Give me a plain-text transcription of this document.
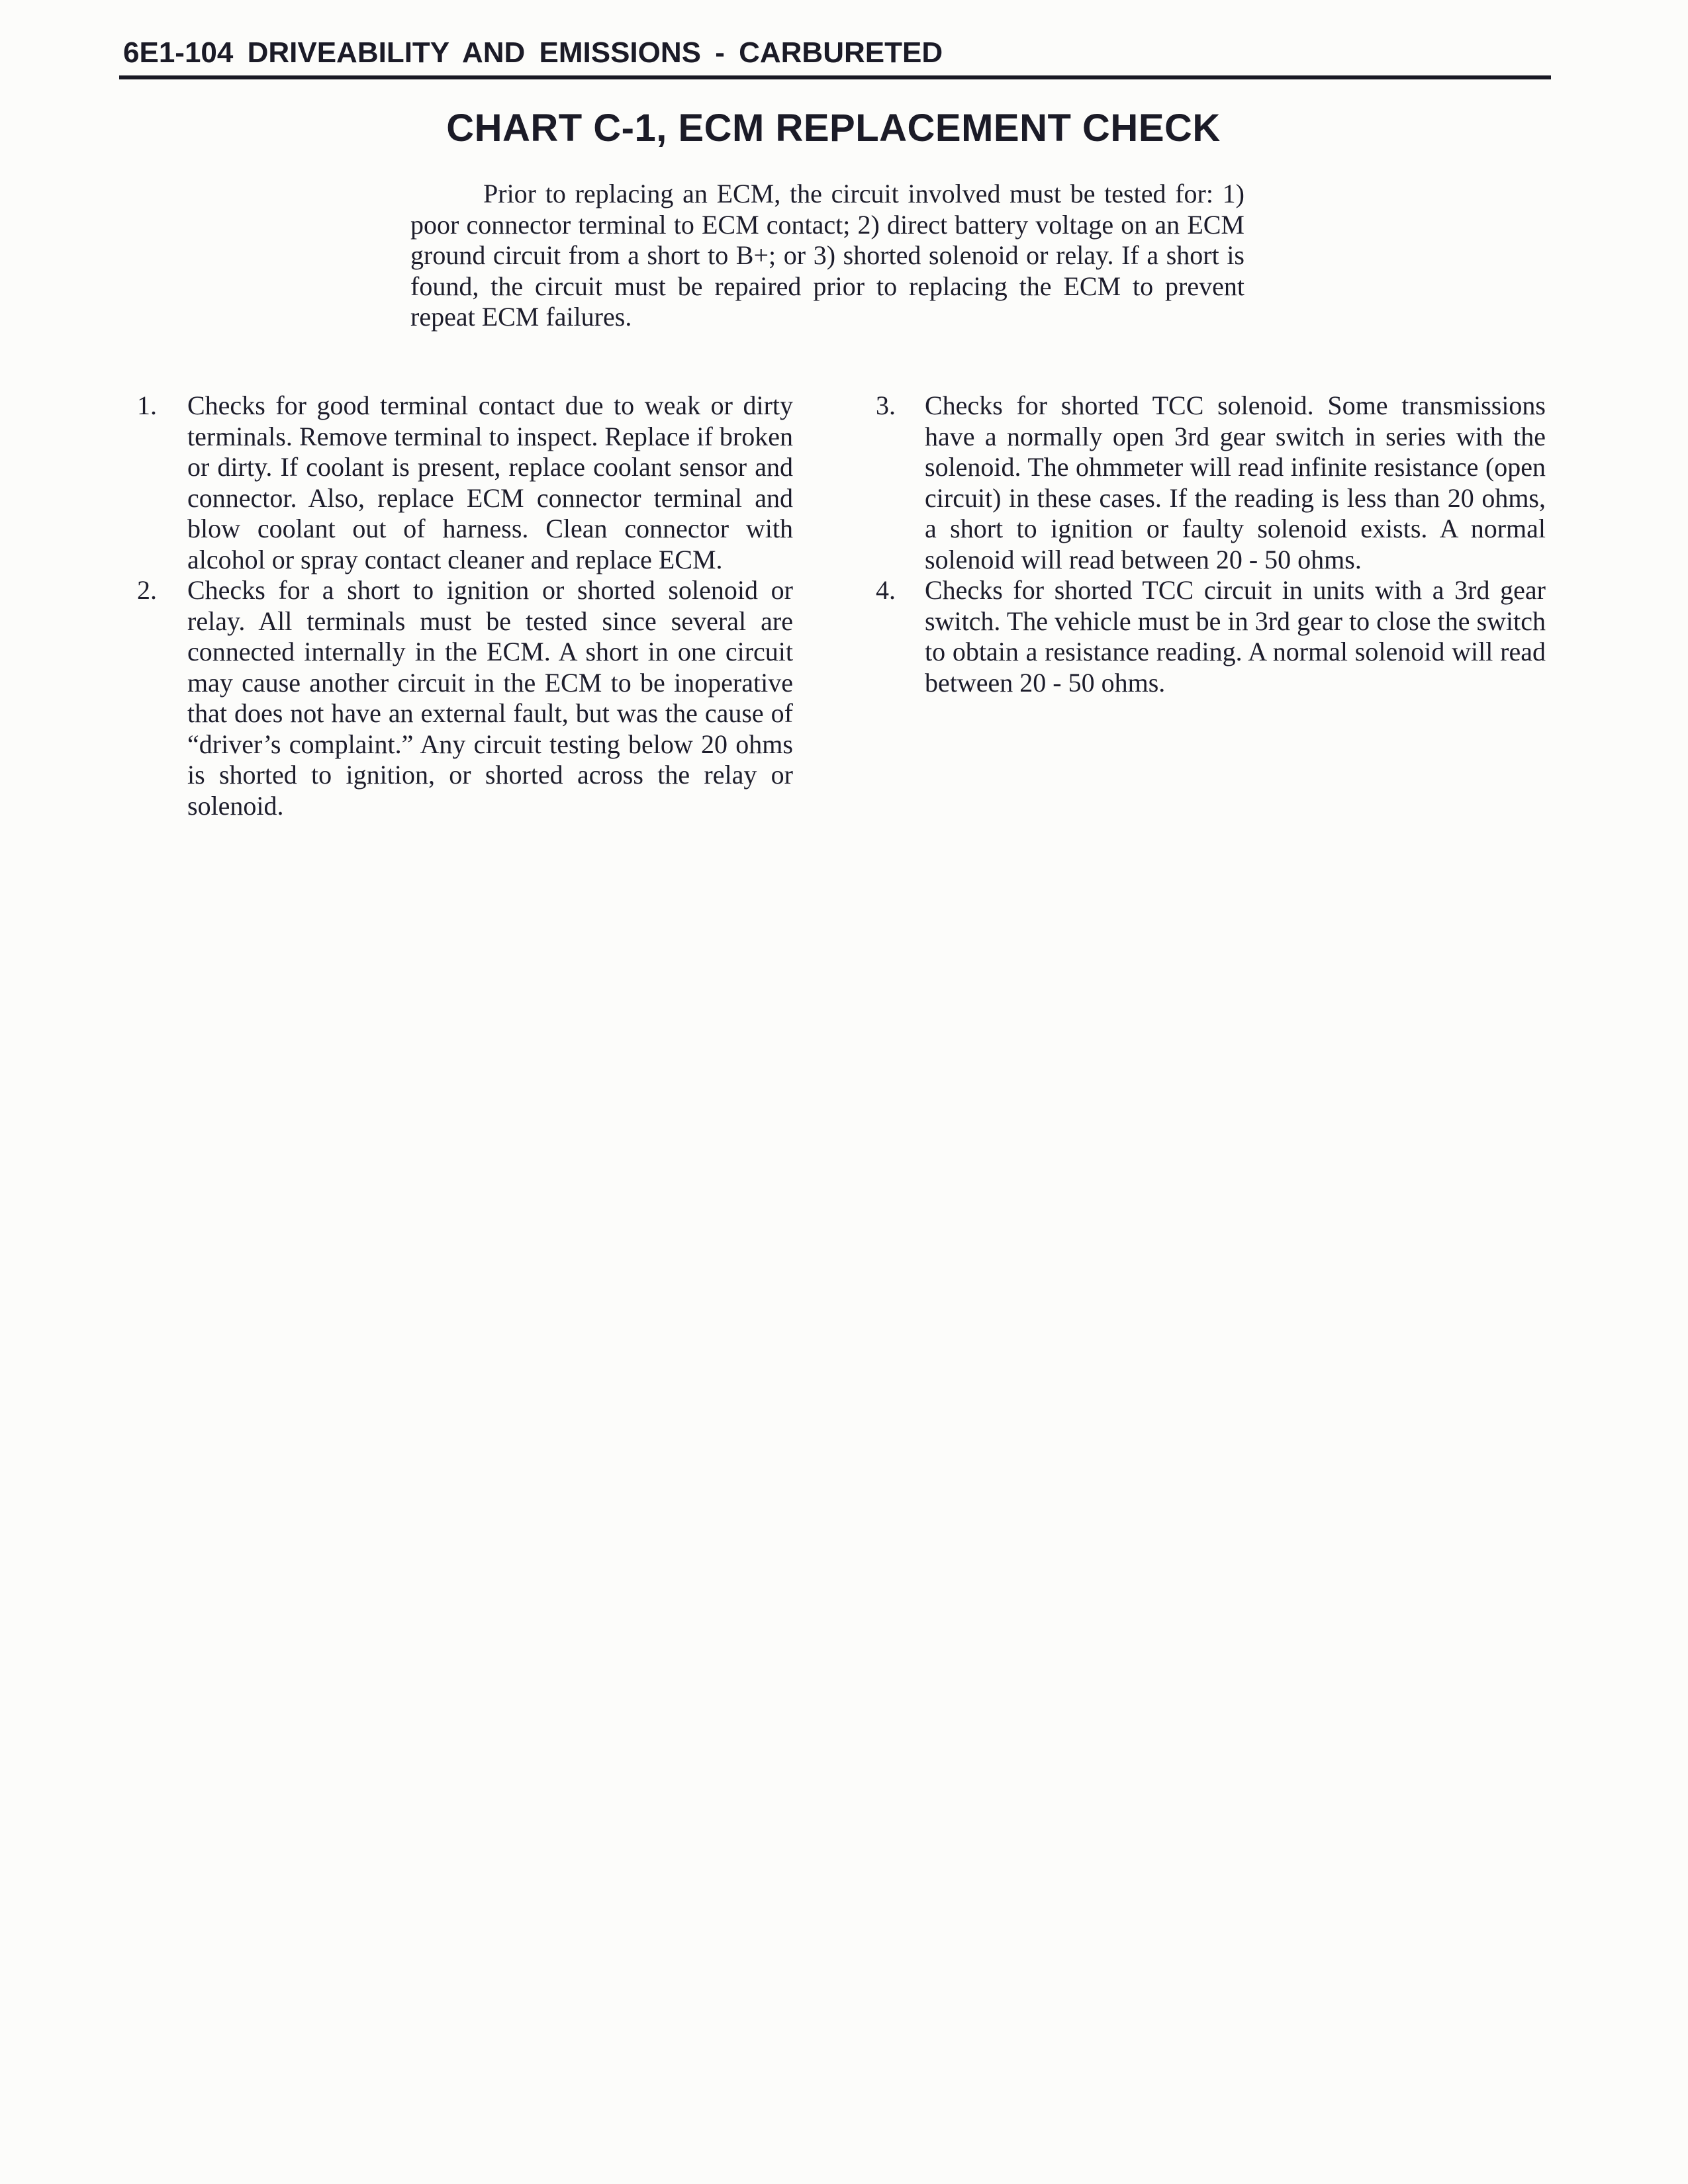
6E1-104 DRIVEABILITY AND EMISSIONS - CARBURETED
CHART C-1, ECM REPLACEMENT CHECK
Prior to replacing an ECM, the circuit involved must be tested for: 1) poor connector terminal to ECM contact; 2) direct battery voltage on an ECM ground circuit from a short to B+; or 3) shorted solenoid or relay. If a short is found, the circuit must be repaired prior to replacing the ECM to prevent repeat ECM failures.
1. Checks for good terminal contact due to weak or dirty terminals. Remove terminal to inspect. Replace if broken or dirty. If coolant is present, replace coolant sensor and connector. Also, replace ECM connector terminal and blow coolant out of harness. Clean connector with alcohol or spray contact cleaner and replace ECM.
2. Checks for a short to ignition or shorted solenoid or relay. All terminals must be tested since several are connected internally in the ECM. A short in one circuit may cause another circuit in the ECM to be inoperative that does not have an external fault, but was the cause of “driver’s complaint.” Any circuit testing below 20 ohms is shorted to ignition, or shorted across the relay or solenoid.
3. Checks for shorted TCC solenoid. Some transmissions have a normally open 3rd gear switch in series with the solenoid. The ohmmeter will read infinite resistance (open circuit) in these cases. If the reading is less than 20 ohms, a short to ignition or faulty solenoid exists. A normal solenoid will read between 20 - 50 ohms.
4. Checks for shorted TCC circuit in units with a 3rd gear switch. The vehicle must be in 3rd gear to close the switch to obtain a resistance reading. A normal solenoid will read between 20 - 50 ohms.
